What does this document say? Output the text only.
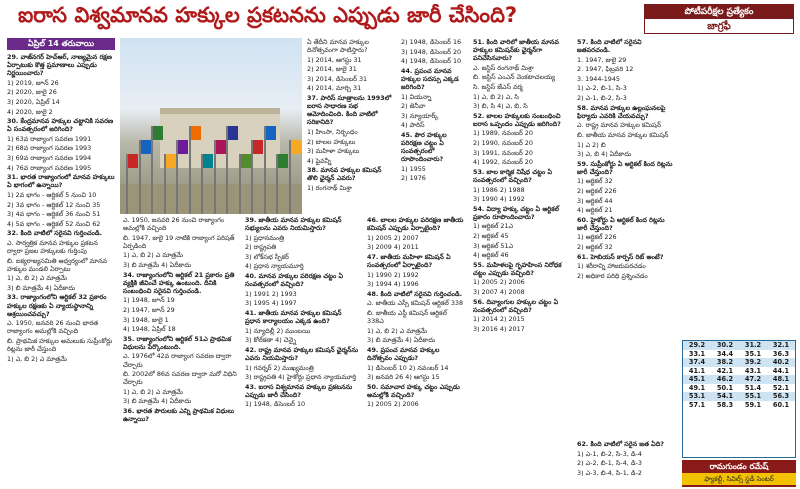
ఐరాస విశ్వమానవ హక్కుల ప్రకటనను ఎప్పుడు జారీ చేసింది?	పోటీపరీక్షల ప్రత్యేకం
జాగ్రఫీ
ఏప్రిల్ 14 తరువాయి

29. వాజ్‌నగర్‌ హెచ్‌ఆర్‌, నాణ్యమైన రక్షణ ఏర్పాటుకు కొత్త ప్రమాణాలు ఎప్పుడు నిర్ణయించారు?

1) 2019, జూన్‌ 26

2) 2020, జులై 26

3) 2020, ఏప్రిల్‌ 14

4) 2020, జులై 2

30. కేంద్రమానవ హక్కుల చట్టానికి సవరణ ఏ సంవత్సరంలో జరిగింది?

1) 63వ రాజ్యాంగ సవరణ 1991

2) 68వ రాజ్యాంగ సవరణ 1993

3) 69వ రాజ్యాంగ సవరణ 1994

4) 76వ రాజ్యాంగ సవరణ 1995

31. భారత రాజ్యాంగంలో మానవ హక్కులు ఏ భాగంలో ఉన్నాయి?

1) 2వ భాగం - ఆర్టికల్‌ 5 నుంచి 10

2) 3వ భాగం - ఆర్టికల్‌ 12 నుంచి 35

3) 4వ భాగం - ఆర్టికల్‌ 36 నుంచి 51

4) 5వ భాగం - ఆర్టికల్‌ 52 నుంచి 62

32. కింది వాటిలో సరైనవి గుర్తించండి.

ఎ. సార్వత్రిక మానవ హక్కుల ప్రకటన ద్వారా ప్రజల హక్కులకు గుర్తింపు

బి. ఐక్యరాజ్యసమితి ఆధ్వర్యంలో మానవ హక్కుల మండలి ఏర్పాటు

1) ఎ, బి 2) ఎ మాత్రమే

3) బి మాత్రమే 4) ఏదీకాదు

33. రాజ్యాంగంలోని ఆర్టికల్‌ 32 ప్రకారం హక్కుల రక్షణకు ఏ న్యాయస్థానాన్ని ఆశ్రయించవచ్చు?

ఎ. 1950, జనవరి 26 నుంచి భారత రాజ్యాంగం అమల్లోకి వచ్చింది

బి. ప్రాథమిక హక్కుల అమలుకు సుప్రీంకోర్టు రిట్లను జారీ చేస్తుంది

1) ఎ, బి 2) ఎ మాత్రమే

ఏ తేదీని మానవ హక్కుల దినోత్సవంగా పాటిస్తారు?

1) 2014, ఆగస్టు 31

2) 2014, జులై 31

3) 2014, డిసెంబర్‌ 31

4) 2014, మార్చి 31

37. పారిస్‌ సూత్రాలను 1993లో ఐరాస సాధారణ సభ ఆమోదించింది. కింది వాటిలో సరికానిది?

1) హింసా, నిర్బంధం

2) బాలల హక్కులు

3) మహిళా హక్కులు

4) పైవన్నీ

38. మానవ హక్కుల కమిషన్‌ తొలి ఛైర్మన్‌ ఎవరు?

1) రంగనాథ్‌ మిశ్రా

2) 1948, డిసెంబర్‌ 16

3) 1948, డిసెంబర్‌ 20

4) 1948, డిసెంబర్‌ 10

44. ప్రపంచ మానవ హక్కుల సదస్సు ఎక్కడ జరిగింది?

1) వియన్నా

2) జెనీవా

3) న్యూయార్క్‌

4) పారిస్‌

45. పౌర హక్కుల పరిరక్షణ చట్టం ఏ సంవత్సరంలో రూపొందించారు?

1) 1955

2) 1976

ఎ. 1950, జనవరి 26 నుంచి రాజ్యాంగం అమల్లోకి వచ్చింది

బి. 1947, జులై 19 నాటికి రాజ్యాంగ పరిషత్‌ ఏర్పడింది

1) ఎ, బి 2) ఎ మాత్రమే

3) బి మాత్రమే 4) ఏదీకాదు

34. రాజ్యాంగంలోని ఆర్టికల్‌ 21 ప్రకారం ప్రతి వ్యక్తికి జీవించే హక్కు ఉంటుంది. దీనికి సంబంధించి సరైనవి గుర్తించండి.

1) 1948, జూన్‌ 19

2) 1947, జూన్‌ 29

3) 1948, జులై 1

4) 1948, ఏప్రిల్‌ 18

35. రాజ్యాంగంలోని ఆర్టికల్‌ 51ఎ ప్రాథమిక విధులను పేర్కొంటుంది.

ఎ. 1976లో 42వ రాజ్యాంగ సవరణ ద్వారా చేర్చారు

బి. 2002లో 86వ సవరణ ద్వారా మరో విధిని చేర్చారు

1) ఎ, బి 2) ఎ మాత్రమే

3) బి మాత్రమే 4) ఏదీకాదు

36. భారత పౌరులకు ఎన్ని ప్రాథమిక విధులు ఉన్నాయి?

39. జాతీయ మానవ హక్కుల కమిషన్‌ సభ్యులను ఎవరు నియమిస్తారు?

1) ప్రధానమంత్రి

2) రాష్ట్రపతి

3) లోక్‌సభ స్పీకర్‌

4) ప్రధాన న్యాయమూర్తి

40. మానవ హక్కుల పరిరక్షణ చట్టం ఏ సంవత్సరంలో వచ్చింది?

1) 1991 2) 1993

3) 1995 4) 1997

41. జాతీయ మానవ హక్కుల కమిషన్‌ ప్రధాన కార్యాలయం ఎక్కడ ఉంది?

1) న్యూదిల్లీ 2) ముంబయి

3) కోల్‌కతా 4) చెన్నై

42. రాష్ట్ర మానవ హక్కుల కమిషన్‌ ఛైర్మన్‌ను ఎవరు నియమిస్తారు?

1) గవర్నర్‌ 2) ముఖ్యమంత్రి

3) రాష్ట్రపతి 4) హైకోర్టు ప్రధాన న్యాయమూర్తి

43. ఐరాస విశ్వమానవ హక్కుల ప్రకటనను ఎప్పుడు జారీ చేసింది?

1) 1948, డిసెంబర్‌ 10

46. బాలల హక్కుల పరిరక్షణ జాతీయ కమిషన్‌ ఎప్పుడు ఏర్పాటైంది?

1) 2005 2) 2007

3) 2009 4) 2011

47. జాతీయ మహిళా కమిషన్‌ ఏ సంవత్సరంలో ఏర్పాటైంది?

1) 1990 2) 1992

3) 1994 4) 1996

48. కింది వాటిలో సరైనవి గుర్తించండి.

ఎ. జాతీయ ఎస్సీ కమిషన్‌ ఆర్టికల్‌ 338

బి. జాతీయ ఎస్టీ కమిషన్‌ ఆర్టికల్‌ 338ఎ

1) ఎ, బి 2) ఎ మాత్రమే

3) బి మాత్రమే 4) ఏదీకాదు

49. ప్రపంచ మానవ హక్కుల దినోత్సవం ఎప్పుడు?

1) డిసెంబర్‌ 10 2) నవంబర్‌ 14

3) జనవరి 26 4) ఆగస్టు 15

50. సమాచార హక్కు చట్టం ఎప్పుడు అమల్లోకి వచ్చింది?

1) 2005 2) 2006

51. కింది వారిలో జాతీయ మానవ హక్కుల కమిషన్‌కు ఛైర్మన్‌గా పనిచేసినవారు?

ఎ. జస్టిస్‌ రంగనాథ్‌ మిశ్రా

బి. జస్టిస్‌ ఎంఎన్‌ వెంకటాచలయ్య

సి. జస్టిస్‌ జేఎస్‌ వర్మ

1) ఎ, బి 2) ఎ, సి

3) బి, సి 4) ఎ, బి, సి

52. బాలల హక్కులకు సంబంధించి ఐరాస ఒప్పందం ఎప్పుడు జరిగింది?

1) 1989, నవంబర్‌ 20

2) 1990, నవంబర్‌ 20

3) 1991, నవంబర్‌ 20

4) 1992, నవంబర్‌ 20

53. బాల కార్మిక నిషేధ చట్టం ఏ సంవత్సరంలో వచ్చింది?

1) 1986 2) 1988

3) 1990 4) 1992

54. విద్యా హక్కు చట్టం ఏ ఆర్టికల్‌ ప్రకారం రూపొందించారు?

1) ఆర్టికల్‌ 21ఎ

2) ఆర్టికల్‌ 45

3) ఆర్టికల్‌ 51ఎ

4) ఆర్టికల్‌ 46

55. మహిళలపై గృహహింస నిరోధక చట్టం ఎప్పుడు వచ్చింది?

1) 2005 2) 2006

3) 2007 4) 2008

56. దివ్యాంగుల హక్కుల చట్టం ఏ సంవత్సరంలో వచ్చింది?

1) 2014 2) 2015

3) 2016 4) 2017

57. కింది వాటిలో సరైనవి జతపరచండి.

1. 1947, జులై 29

2. 1947, ఫిబ్రవరి 12

3. 1944-1945

1) ఎ-2, బి-1, సి-3

2) ఎ-1, బి-2, సి-3

58. మానవ హక్కుల ఉల్లంఘనలపై ఫిర్యాదు ఎవరికి చేయవచ్చు?

ఎ. రాష్ట్ర మానవ హక్కుల కమిషన్‌

బి. జాతీయ మానవ హక్కుల కమిషన్‌

1) ఎ 2) బి

3) ఎ, బి 4) ఏదీకాదు

59. సుప్రీంకోర్టు ఏ ఆర్టికల్‌ కింద రిట్లను జారీ చేస్తుంది?

1) ఆర్టికల్‌ 32

2) ఆర్టికల్‌ 226

3) ఆర్టికల్‌ 44

4) ఆర్టికల్‌ 21

60. హైకోర్టు ఏ ఆర్టికల్‌ కింద రిట్లను జారీ చేస్తుంది?

1) ఆర్టికల్‌ 226

2) ఆర్టికల్‌ 32

61. హెబియస్‌ కార్పస్‌ రిట్‌ అంటే?

1) శరీరాన్ని హాజరుపరచడం

2) అధికార పరిధి ప్రశ్నించడం

62. కింది వాటిలో సరైన జత ఏది?

1) ఎ-1, బి-2, సి-3, డి-4

2) ఎ-2, బి-1, సి-4, డి-3

3) ఎ-3, బి-4, సి-1, డి-2

29.2	30.2	31.2	32.1
33.1	34.4	35.1	36.3
37.4	38.2	39.2	40.2
41.1	42.1	43.1	44.1
45.1	46.2	47.2	48.1
49.1	50.1	51.4	52.1
53.1	54.1	55.1	56.3
57.1	58.3	59.1	60.1
రామగుండం రమేష్‌
ఫ్యాకల్టీ, సివిల్స్‌ స్టడీ సెంటర్‌
